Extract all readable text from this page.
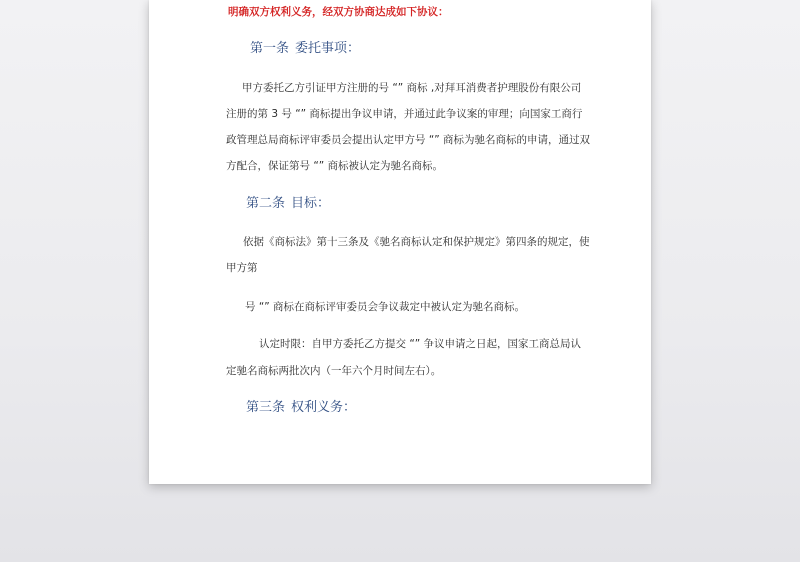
明确双方权利义务，经双方协商达成如下协议：
第一条 委托事项：
甲方委托乙方引证甲方注册的号 “” 商标 ,对拜耳消费者护理股份有限公司
注册的第 3 号 “” 商标提出争议申请，并通过此争议案的审理；向国家工商行
政管理总局商标评审委员会提出认定甲方号 “” 商标为驰名商标的申请，通过双
方配合，保证第号 “” 商标被认定为驰名商标。
第二条 目标：
依据《商标法》第十三条及《驰名商标认定和保护规定》第四条的规定，使
甲方第
号 “” 商标在商标评审委员会争议裁定中被认定为驰名商标。
认定时限：自甲方委托乙方提交 “” 争议申请之日起，国家工商总局认
定驰名商标两批次内（一年六个月时间左右）。
第三条 权利义务：
